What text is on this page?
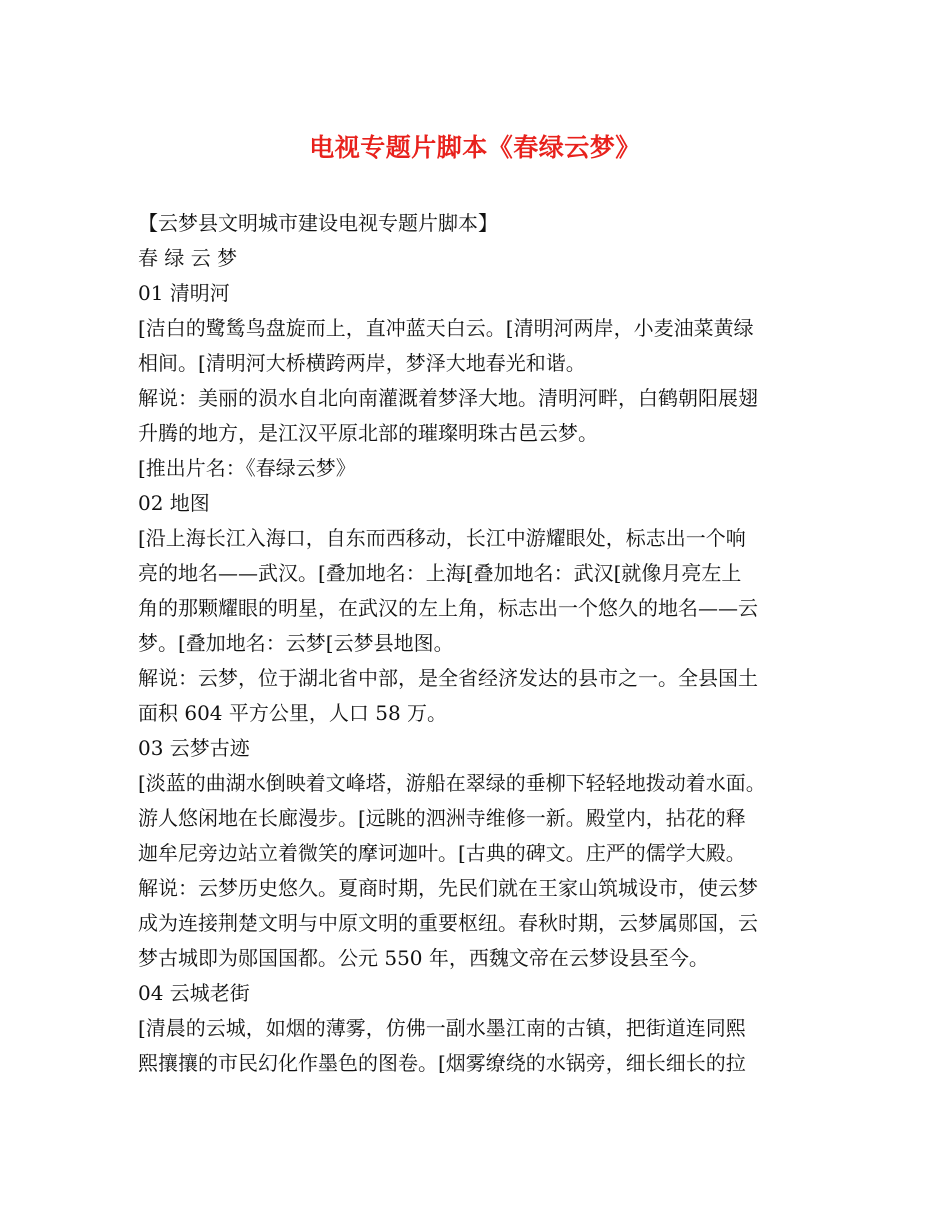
电视专题片脚本《春绿云梦》
【云梦县文明城市建设电视专题片脚本】
春 绿 云 梦
01 清明河
[洁白的鹭鸶鸟盘旋而上，直冲蓝天白云。[清明河两岸，小麦油菜黄绿
相间。[清明河大桥横跨两岸，梦泽大地春光和谐。
解说：美丽的涢水自北向南灌溉着梦泽大地。清明河畔，白鹤朝阳展翅
升腾的地方，是江汉平原北部的璀璨明珠古邑云梦。
[推出片名：《春绿云梦》
02 地图
[沿上海长江入海口，自东而西移动，长江中游耀眼处，标志出一个响
亮的地名——武汉。[叠加地名：上海[叠加地名：武汉[就像月亮左上
角的那颗耀眼的明星，在武汉的左上角，标志出一个悠久的地名——云
梦。[叠加地名：云梦[云梦县地图。
解说：云梦，位于湖北省中部，是全省经济发达的县市之一。全县国土
面积 604 平方公里，人口 58 万。
03 云梦古迹
[淡蓝的曲湖水倒映着文峰塔，游船在翠绿的垂柳下轻轻地拨动着水面。
游人悠闲地在长廊漫步。[远眺的泗洲寺维修一新。殿堂内，拈花的释
迦牟尼旁边站立着微笑的摩诃迦叶。[古典的碑文。庄严的儒学大殿。
解说：云梦历史悠久。夏商时期，先民们就在王家山筑城设市，使云梦
成为连接荆楚文明与中原文明的重要枢纽。春秋时期，云梦属郧国，云
梦古城即为郧国国都。公元 550 年，西魏文帝在云梦设县至今。
04 云城老街
[清晨的云城，如烟的薄雾，仿佛一副水墨江南的古镇，把街道连同熙
熙攘攘的市民幻化作墨色的图卷。[烟雾缭绕的水锅旁，细长细长的拉
